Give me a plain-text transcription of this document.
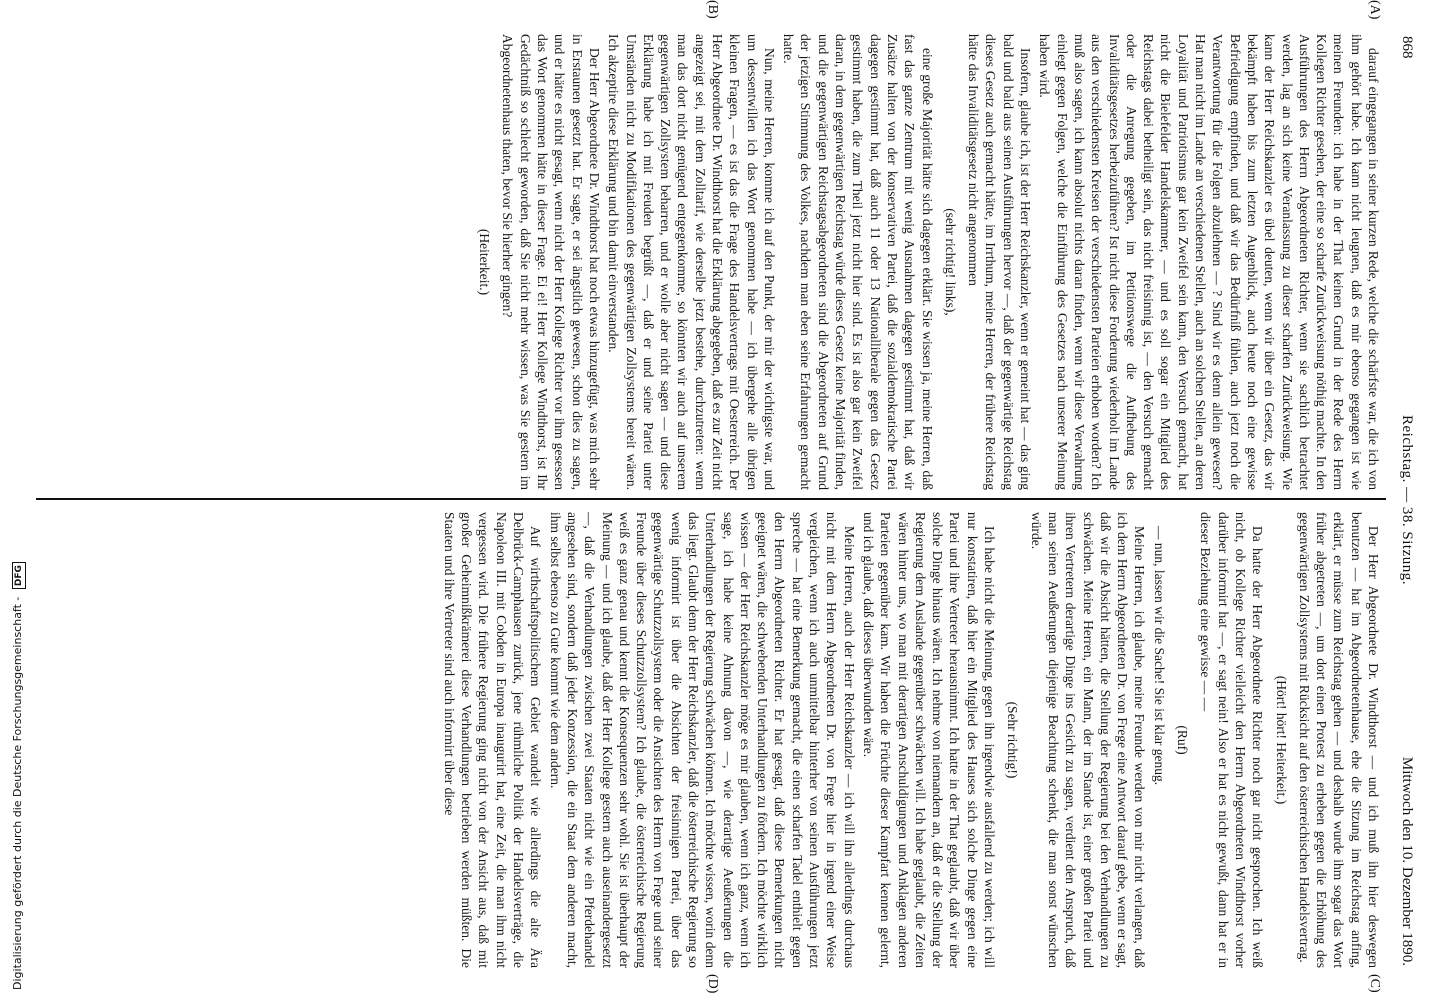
Digitalisierung gefördert durch die Deutsche Forschungsgemeinschaft - DFG
868
Reichstag. — 38. Sitzung.
Mittwoch den 10. Dezember 1890.
(A)
(B)
(C)
(D)

darauf eingegangen in seiner kurzen Rede, welche die schärfste war, die ich von ihm gehört habe. Ich kann nicht leugnen, daß es mir ebenso gegangen ist wie meinen Freunden: ich habe in der That keinen Grund in der Rede des Herrn Kollegen Richter gesehen, der eine so scharfe Zurückweisung nöthig machte. In den Ausführungen des Herrn Abgeordneten Richter, wenn sie sachlich betrachtet werden, lag an sich keine Veranlassung zu dieser scharfen Zurückweisung. Wie kann der Herr Reichskanzler es übel deuten, wenn wir über ein Gesetz, das wir bekämpft haben bis zum letzten Augenblick, auch heute noch eine gewisse Befriedigung empfinden, und daß wir das Bedürfniß fühlen, auch jetzt noch die Verantwortung für die Folgen abzulehnen — ? Sind wir es denn allein gewesen? Hat man nicht im Lande an verschiedenen Stellen, auch an solchen Stellen, an deren Loyalität und Patriotismus gar kein Zweifel sein kann, den Versuch gemacht, hat nicht die Bielefelder Handelskammer, — und es soll sogar ein Mitglied des Reichstags dabei betheiligt sein, das nicht freisinnig ist, — den Versuch gemacht oder die Anregung gegeben, im Petitionswege die Aufhebung des Invaliditätsgesetzes herbeizuführen? Ist nicht diese Forderung wiederholt im Lande aus den verschiedensten Kreisen der verschiedensten Parteien erhoben worden? Ich muß also sagen, ich kann absolut nichts daran finden, wenn wir diese Verwahrung einlegt gegen Folgen, welche die Einführung des Gesetzes nach unserer Meinung haben wird.

Insofern, glaube ich, ist der Herr Reichskanzler, wenn er gemeint hat — das ging bald und bald aus seinen Ausführungen hervor —, daß der gegenwärtige Reichstag dieses Gesetz auch gemacht hätte, im Irrthum, meine Herren, der frühere Reichstag hätte das Invaliditätsgesetz nicht angenommen

(sehr richtig! links),

eine große Majorität hätte sich dagegen erklärt. Sie wissen ja, meine Herren, daß fast das ganze Zentrum mit wenig Ausnahmen dagegen gestimmt hat, daß wir Zusätze halten von der konservativen Partei, daß die sozialdemokratische Partei dagegen gestimmt hat, daß auch 11 oder 13 Nationalliberale gegen das Gesetz gestimmt haben, die zum Theil jetzt nicht hier sind. Es ist also gar kein Zweifel daran, in dem gegenwärtigen Reichstag würde dieses Gesetz keine Majorität finden, und die gegenwärtigen Reichstagsabgeordneten sind die Abgeordneten auf Grund der jetzigen Stimmung des Volkes, nachdem man eben seine Erfahrungen gemacht hatte.

Nun, meine Herren, komme ich auf den Punkt, der mir der wichtigste war, und um dessentwillen ich das Wort genommen habe — ich übergehe alle übrigen kleinen Fragen, — es ist das die Frage des Handelsvertrags mit Oesterreich. Der Herr Abgeordnete Dr. Windthorst hat die Erklärung abgegeben, daß es zur Zeit nicht angezeigt sei, mit dem Zolltarif, wie derselbe jetzt bestehe, durchzutreten: wenn man das dort nicht genügend entgegenkomme, so könnten wir auch auf unserem gegenwärtigen Zollsystem beharren, und er wolle aber nicht sagen — und diese Erklärung habe ich mit Freuden begrüßt —, daß er und seine Partei unter Umständen nicht zu Modifikationen des gegenwärtigen Zollsystems bereit wären. Ich akzeptire diese Erklärung und bin damit einverstanden.

Der Herr Abgeordnete Dr. Windthorst hat noch etwas hinzugefügt, was mich sehr in Erstaunen gesetzt hat. Er sagte, er sei ängstlich gewesen, schon dies zu sagen, und er hätte es nicht gesagt, wenn nicht der Herr Kollege Richter vor ihm gesessen das Wort genommen hätte in dieser Frage. Ei ei! Herr Kollege Windthorst, ist Ihr Gedächtniß so schlecht geworden, daß Sie nicht mehr wissen, was Sie gestern im Abgeordnetenhaus thaten, bevor Sie hierher gingen?

(Heiterkeit.)

Der Herr Abgeordnete Dr. Windthorst — und ich muß ihn hier deswegen benutzen — hat im Abgeordnetenhause, ehe die Sitzung im Reichstag anfing, erklärt, er müsse zum Reichstag gehen — und deshalb wurde ihm sogar das Wort früher abgetreten —, um dort einen Protest zu erheben gegen die Erhöhung des gegenwärtigen Zollsystems mit Rücksicht auf den österreichischen Handelsvertrag.

(Hört! hört! Heiterkeit.)

Da hatte der Herr Abgeordnete Richter noch gar nicht gesprochen. Ich weiß nicht, ob Kollege Richter vielleicht den Herrn Abgeordneten Windthorst vorher darüber informirt hat —, er sagt nein! Also er hat es nicht gewußt, dann hat er in dieser Beziehung eine gewisse — —

(Ruf)

— nun, lassen wir die Sache! Sie ist klar genug.

Meine Herren, ich glaube, meine Freunde werden von mir nicht verlangen, daß ich dem Herrn Abgeordneten Dr. von Frege eine Antwort darauf gebe, wenn er sagt, daß wir die Absicht hätten, die Stellung der Regierung bei den Verhandlungen zu schwächen. Meine Herren, ein Mann, der im Stande ist, einer großen Partei und ihren Vertretern derartige Dinge ins Gesicht zu sagen, verdient den Anspruch, daß man seinen Aeußerungen diejenige Beachtung schenkt, die man sonst wünschen würde.

(Sehr richtig!)

Ich habe nicht die Meinung, gegen ihn irgendwie ausfallend zu werden; ich will nur konstatiren, daß hier ein Mitglied des Hauses sich solche Dinge gegen eine Partei und ihre Vertreter herausnimmt. Ich hatte in der That geglaubt, daß wir über solche Dinge hinaus wären. Ich nehme von niemandem an, daß er die Stellung der Regierung dem Auslande gegenüber schwächen will. Ich habe geglaubt, die Zeiten wären hinter uns, wo man mit derartigen Anschuldigungen und Anklagen anderen Parteien gegenüber kam. Wir haben die Früchte dieser Kampfart kennen gelernt, und ich glaube, daß dieses überwunden wäre.

Meine Herren, auch der Herr Reichskanzler — ich will ihn allerdings durchaus nicht mit dem Herrn Abgeordneten Dr. von Frege hier in irgend einer Weise vergleichen, wenn ich auch unmittelbar hinterher von seinen Ausführungen jetzt spreche — hat eine Bemerkung gemacht, die einen scharfen Tadel enthielt gegen den Herrn Abgeordneten Richter. Er hat gesagt, daß diese Bemerkungen nicht geeignet wären, die schwebenden Unterhandlungen zu fördern. Ich möchte wirklich wissen — der Herr Reichskanzler möge es mir glauben, wenn ich ganz, wenn ich sage, ich habe keine Ahnung davon —, wie derartige Aeußerungen die Unterhandlungen der Regierung schwächen können. Ich möchte wissen, worin denn das liegt. Glaubt denn der Herr Reichskanzler, daß die österreichische Regierung so wenig informirt ist über die Absichten der freisinnigen Partei, über das gegenwärtige Schutzzollsystem oder die Ansichten des Herrn von Frege und seiner Freunde über dieses Schutzzollsystem? Ich glaube, die österreichische Regierung weiß es ganz genau und kennt die Konsequenzen sehr wohl. Sie ist überhaupt der Meinung — und ich glaube, daß der Herr Kollege gestern auch auseinandergesetzt —, daß die Verhandlungen zwischen zwei Staaten nicht wie ein Pferdehandel angesehen sind, sondern daß jeder Konzession, die ein Staat dem anderen macht, ihm selbst ebenso zu Gute kommt wie dem andern.

Auf wirthschaftspolitischem Gebiet wandelt wie allerdings die alte Ära Delbrück-Camphausen zurück, jene rühmliche Politik der Handelsverträge, die Napoleon III. mit Cobden in Europa inaugurirt hat, eine Zeit, die man ihm nicht vergessen wird. Die frühere Regierung ging nicht von der Ansicht aus, daß mit großer Geheimnißkrämerei diese Verhandlungen betrieben werden müßten. Die Staaten und ihre Vertreter sind auch informirt über diese
